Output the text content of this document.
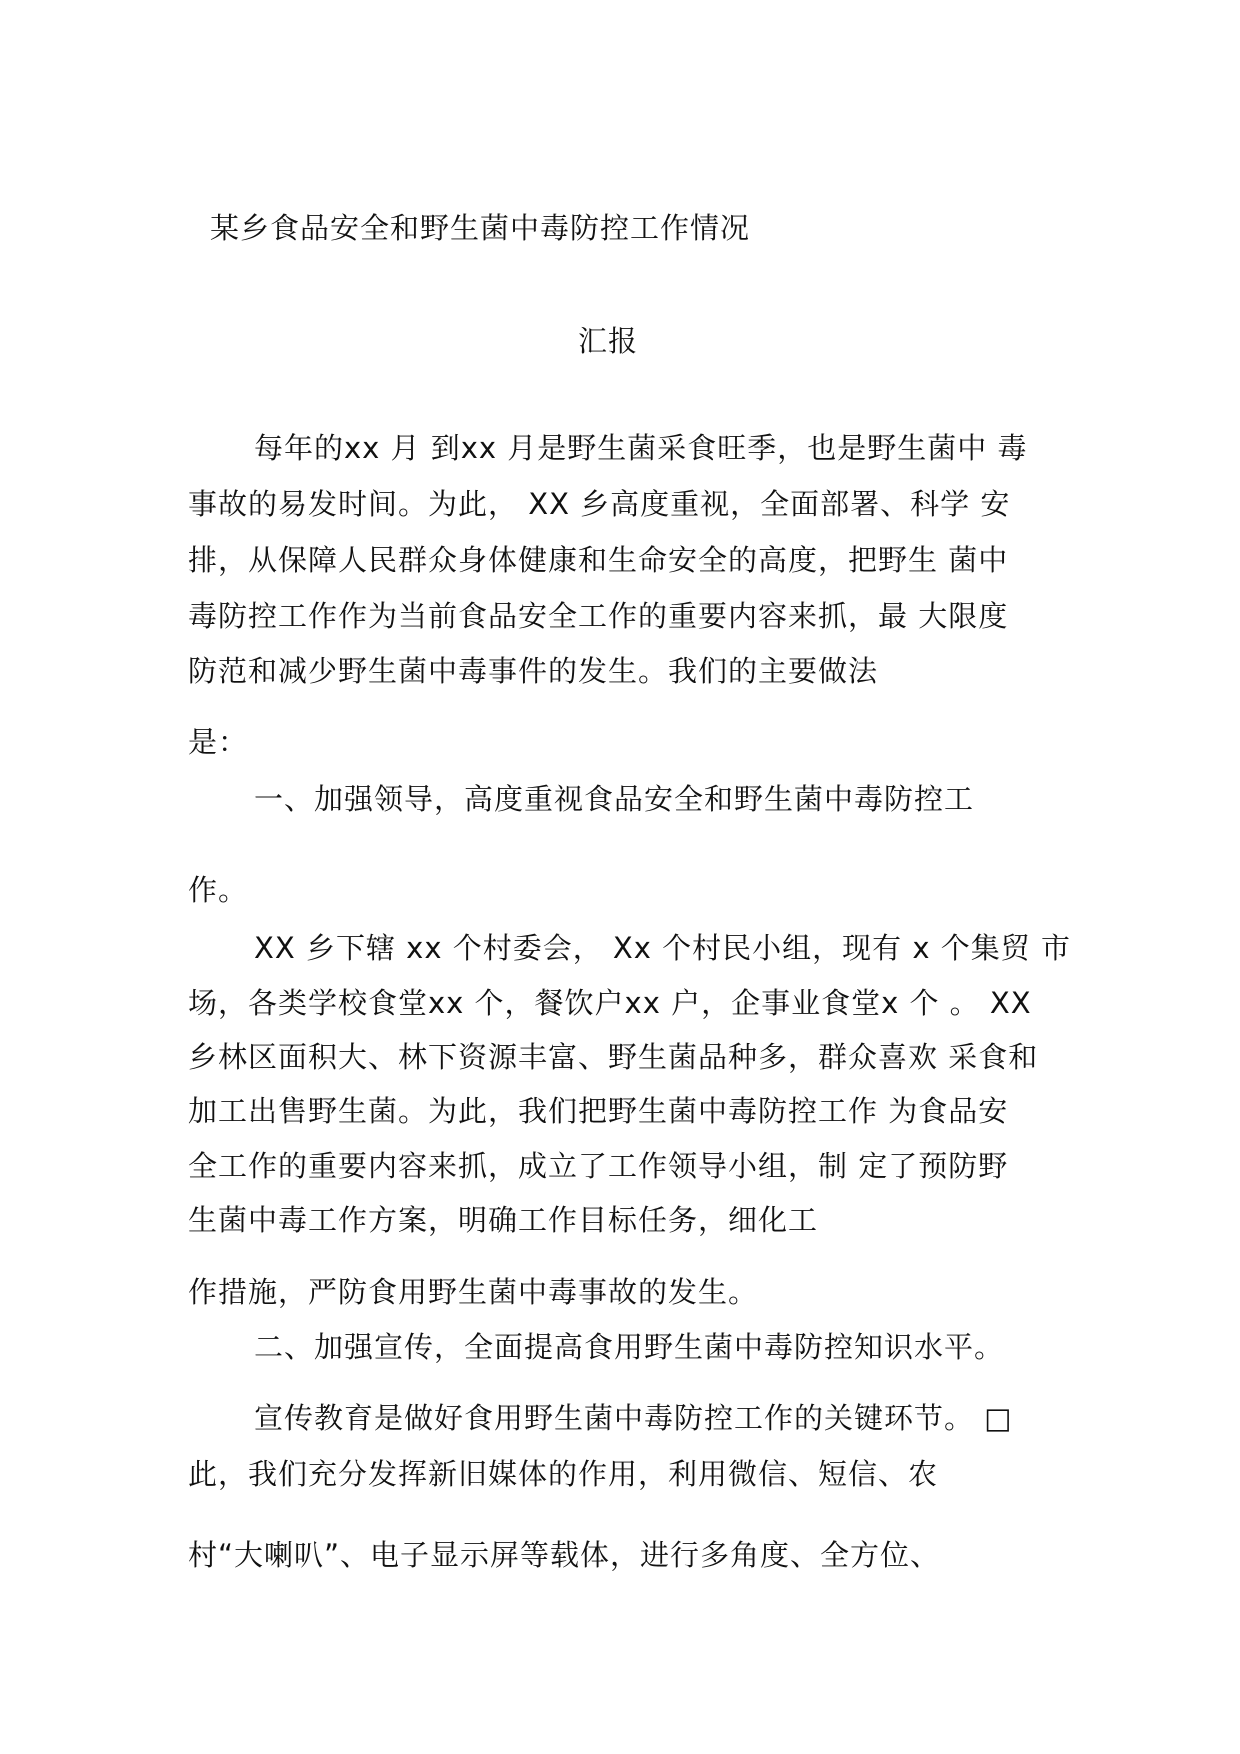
某乡食品安全和野生菌中毒防控工作情况
汇报
每年的xx 月 到xx 月是野生菌采食旺季，也是野生菌中 毒
事故的易发时间。为此， XX 乡高度重视，全面部署、科学 安
排，从保障人民群众身体健康和生命安全的高度，把野生 菌中
毒防控工作作为当前食品安全工作的重要内容来抓，最 大限度
防范和减少野生菌中毒事件的发生。我们的主要做法
是：
一、加强领导，高度重视食品安全和野生菌中毒防控工
作。
XX 乡下辖 xx 个村委会， Xx 个村民小组，现有 x 个集贸 市
场，各类学校食堂xx 个，餐饮户xx 户，企事业食堂x 个 。 XX
乡林区面积大、林下资源丰富、野生菌品种多，群众喜欢 采食和
加工出售野生菌。为此，我们把野生菌中毒防控工作 为食品安
全工作的重要内容来抓，成立了工作领导小组，制 定了预防野
生菌中毒工作方案，明确工作目标任务，细化工
作措施，严防食用野生菌中毒事故的发生。
二、加强宣传，全面提高食用野生菌中毒防控知识水平。
宣传教育是做好食用野生菌中毒防控工作的关键环节。 □
此，我们充分发挥新旧媒体的作用，利用微信、短信、农
村“大喇叭”、电子显示屏等载体，进行多角度、全方位、
